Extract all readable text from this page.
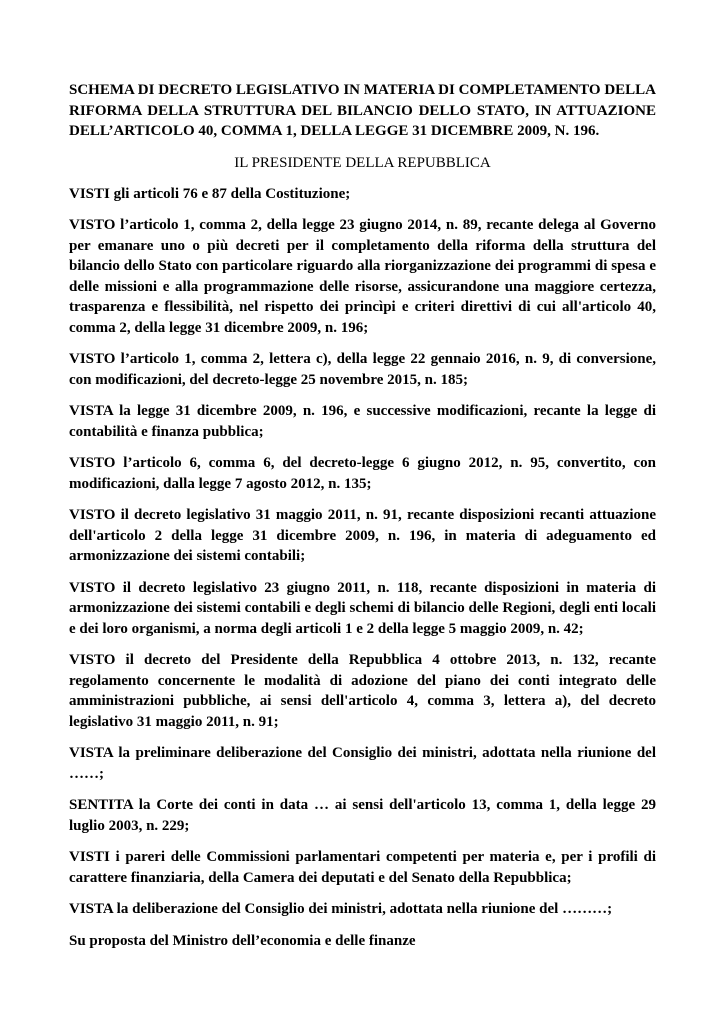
SCHEMA DI DECRETO LEGISLATIVO IN MATERIA DI COMPLETAMENTO DELLA RIFORMA DELLA STRUTTURA DEL BILANCIO DELLO STATO, IN ATTUAZIONE DELL’ARTICOLO 40, COMMA 1, DELLA LEGGE 31 DICEMBRE 2009, N. 196.

IL PRESIDENTE DELLA REPUBBLICA

VISTI gli articoli 76 e 87 della Costituzione;

VISTO l’articolo 1, comma 2, della legge 23 giugno 2014, n. 89, recante delega al Governo per emanare uno o più decreti per il completamento della riforma della struttura del bilancio dello Stato con particolare riguardo alla riorganizzazione dei programmi di spesa e delle missioni e alla programmazione delle risorse, assicurandone una maggiore certezza, trasparenza e flessibilità, nel rispetto dei princìpi e criteri direttivi di cui all'articolo 40, comma 2, della legge 31 dicembre 2009, n. 196;

VISTO l’articolo 1, comma 2, lettera c), della legge 22 gennaio 2016, n. 9, di conversione, con modificazioni, del decreto-legge 25 novembre 2015, n. 185;

VISTA la legge 31 dicembre 2009, n. 196, e successive modificazioni, recante la legge di contabilità e finanza pubblica;

VISTO l’articolo 6, comma 6, del decreto-legge 6 giugno 2012, n. 95, convertito, con modificazioni, dalla legge 7 agosto 2012, n. 135;

VISTO il decreto legislativo 31 maggio 2011, n. 91, recante disposizioni recanti attuazione dell'articolo 2 della legge 31 dicembre 2009, n. 196, in materia di adeguamento ed armonizzazione dei sistemi contabili;

VISTO il decreto legislativo 23 giugno 2011, n. 118, recante disposizioni in materia di armonizzazione dei sistemi contabili e degli schemi di bilancio delle Regioni, degli enti locali e dei loro organismi, a norma degli articoli 1 e 2 della legge 5 maggio 2009, n. 42;

VISTO il decreto del Presidente della Repubblica 4 ottobre 2013, n. 132, recante regolamento concernente le modalità di adozione del piano dei conti integrato delle amministrazioni pubbliche, ai sensi dell'articolo 4, comma 3, lettera a), del decreto legislativo 31 maggio 2011, n. 91;

VISTA la preliminare deliberazione del Consiglio dei ministri, adottata nella riunione del ……;

SENTITA la Corte dei conti in data … ai sensi dell'articolo 13, comma 1, della legge 29 luglio 2003, n. 229;

VISTI i pareri delle Commissioni parlamentari competenti per materia e, per i profili di carattere finanziaria, della Camera dei deputati e del Senato della Repubblica;

VISTA la deliberazione del Consiglio dei ministri, adottata nella riunione del ………;

Su proposta del Ministro dell’economia e delle finanze
